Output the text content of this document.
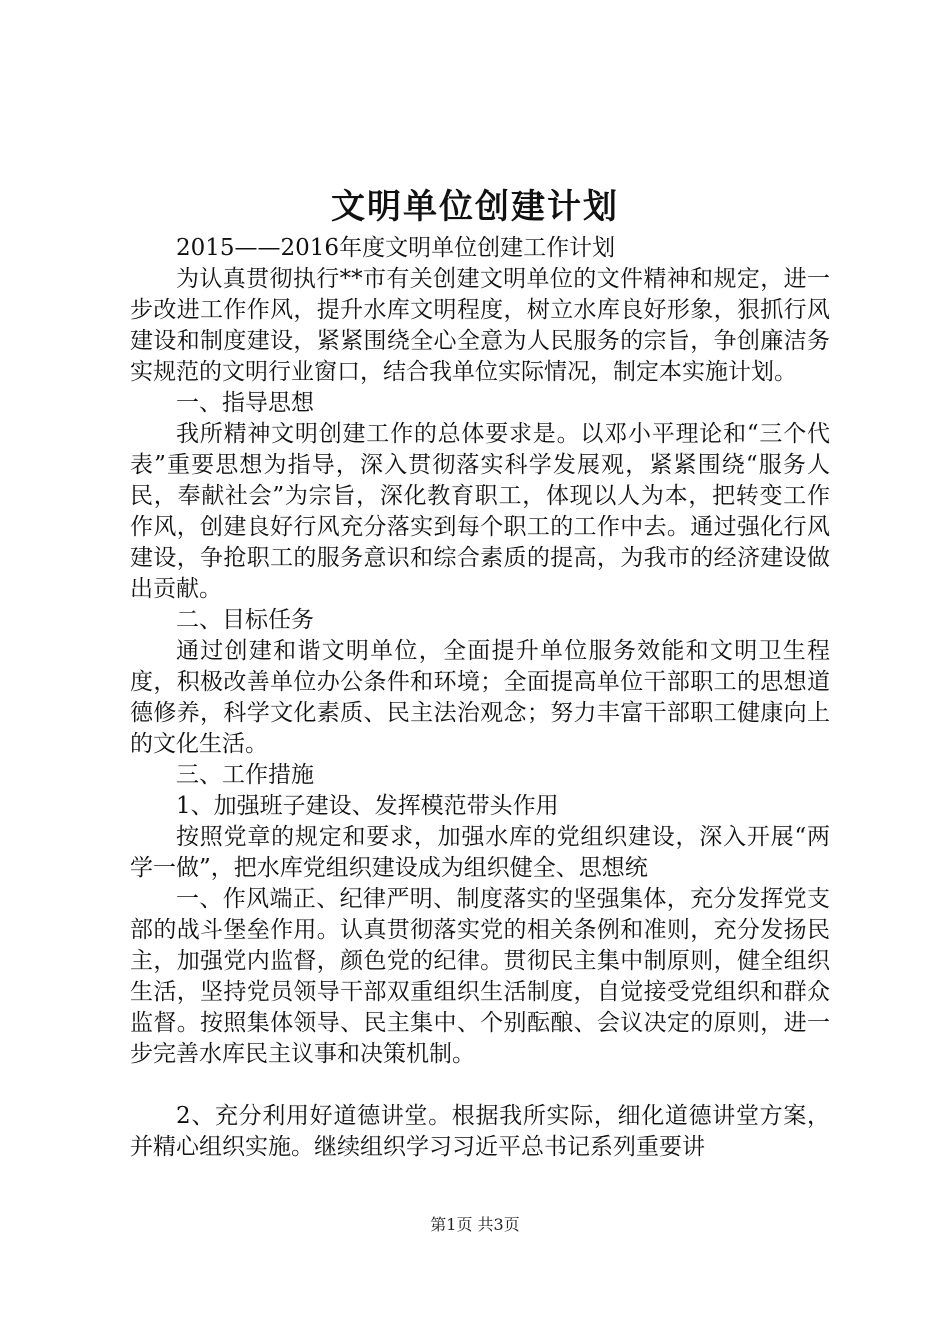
文明单位创建计划

2015——2016年度文明单位创建工作计划

为认真贯彻执行**市有关创建文明单位的文件精神和规定，进一步改进工作作风，提升水库文明程度，树立水库良好形象，狠抓行风建设和制度建设，紧紧围绕全心全意为人民服务的宗旨，争创廉洁务实规范的文明行业窗口，结合我单位实际情况，制定本实施计划。

一、指导思想

我所精神文明创建工作的总体要求是。以邓小平理论和“三个代表”重要思想为指导，深入贯彻落实科学发展观，紧紧围绕“服务人民，奉献社会”为宗旨，深化教育职工，体现以人为本，把转变工作作风，创建良好行风充分落实到每个职工的工作中去。通过强化行风建设，争抢职工的服务意识和综合素质的提高，为我市的经济建设做出贡献。

二、目标任务

通过创建和谐文明单位，全面提升单位服务效能和文明卫生程度，积极改善单位办公条件和环境；全面提高单位干部职工的思想道德修养，科学文化素质、民主法治观念；努力丰富干部职工健康向上的文化生活。

三、工作措施

1、加强班子建设、发挥模范带头作用

按照党章的规定和要求，加强水库的党组织建设，深入开展“两学一做”，把水库党组织建设成为组织健全、思想统

一、作风端正、纪律严明、制度落实的坚强集体，充分发挥党支部的战斗堡垒作用。认真贯彻落实党的相关条例和准则，充分发扬民主，加强党内监督，颜色党的纪律。贯彻民主集中制原则，健全组织生活，坚持党员领导干部双重组织生活制度，自觉接受党组织和群众监督。按照集体领导、民主集中、个别酝酿、会议决定的原则，进一步完善水库民主议事和决策机制。

2、充分利用好道德讲堂。根据我所实际，细化道德讲堂方案，并精心组织实施。继续组织学习习近平总书记系列重要讲

第1页 共3页
